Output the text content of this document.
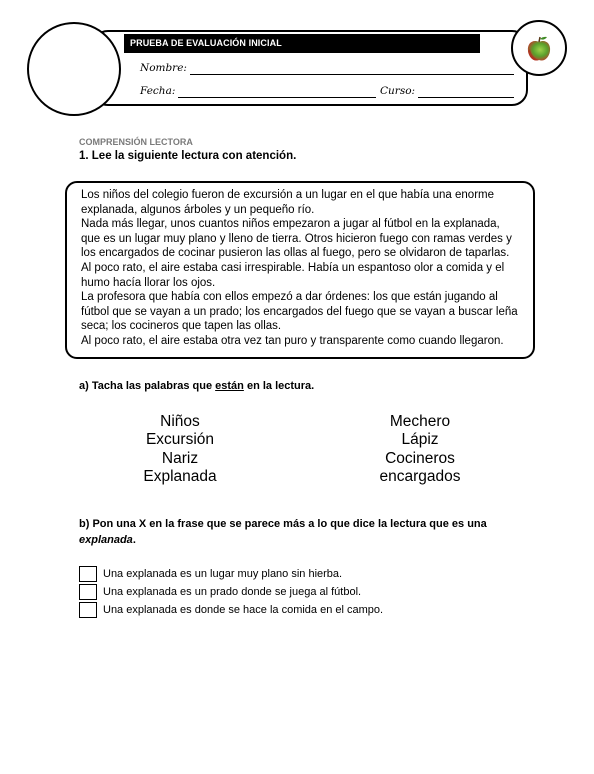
PRUEBA DE EVALUACIÓN INICIAL
Nombre:
Fecha:	Curso:
COMPRENSIÓN LECTORA
1. Lee la siguiente lectura con atención.

Los niños del colegio fueron de excursión a un lugar en el que había una enorme explanada, algunos árboles y un pequeño río.

Nada más llegar, unos cuantos niños empezaron a jugar al fútbol en la explanada, que es un lugar muy plano y lleno de tierra. Otros hicieron fuego con ramas verdes y los encargados de cocinar pusieron las ollas al fuego, pero se olvidaron de taparlas.

Al poco rato, el aire estaba casi irrespirable. Había un espantoso olor a comida y el humo hacía llorar los ojos.

La profesora que había con ellos empezó a dar órdenes: los que están jugando al fútbol que se vayan a un prado; los encargados del fuego que se vayan a buscar leña seca; los cocineros que tapen las ollas.

Al poco rato, el aire estaba otra vez tan puro y transparente como cuando llegaron.

a) Tacha las palabras que están en la lectura.
Niños
Excursión
Nariz
Explanada
Mechero
Lápiz
Cocineros
encargados
b) Pon una X en la frase que se parece más a lo que dice la lectura que es una explanada.
Una explanada es un lugar muy plano sin hierba.
Una explanada es un prado donde se juega al fútbol.
Una explanada es donde se hace la comida en el campo.
